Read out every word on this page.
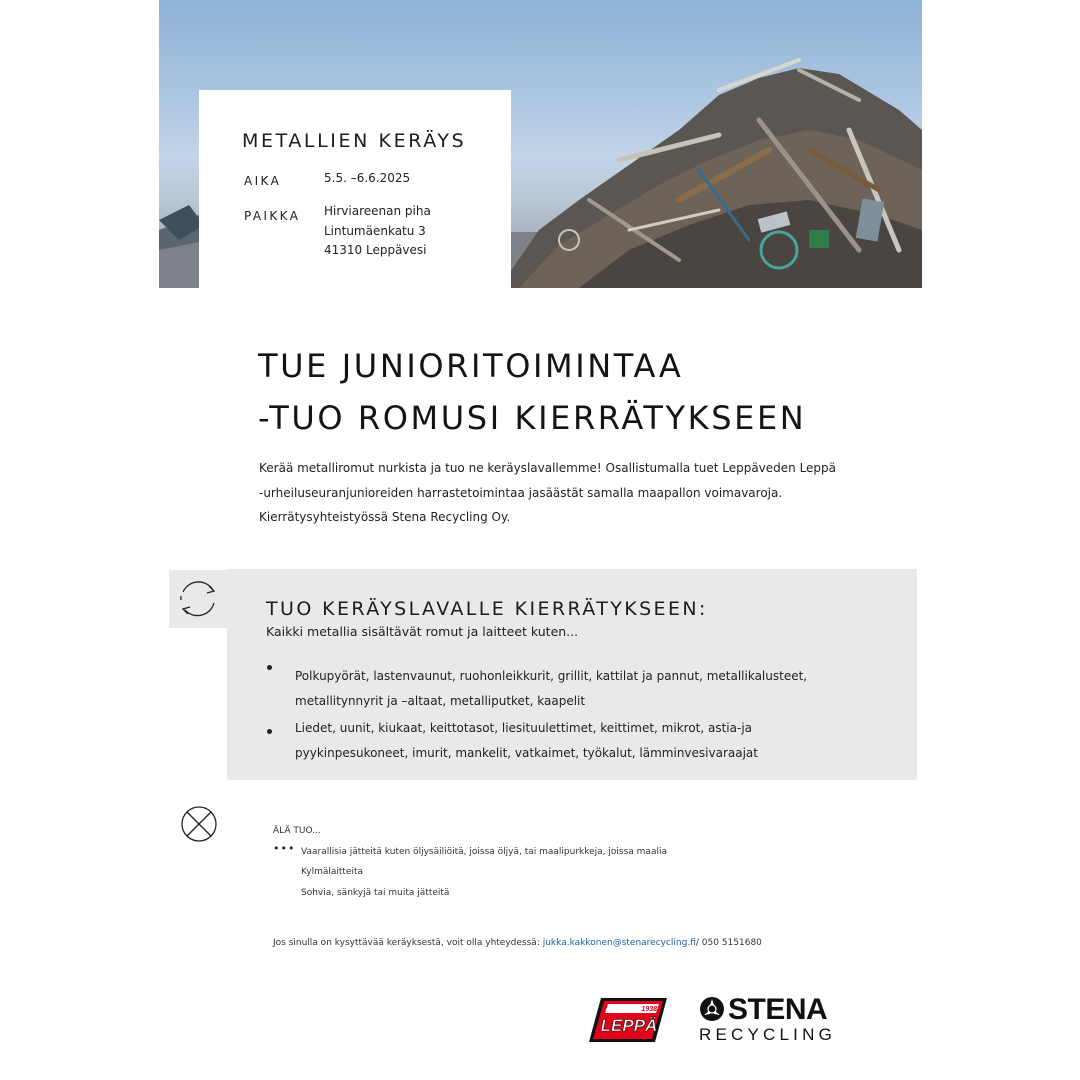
METALLIEN KERÄYS
AIKA	5.5. –6.6.2025
PAIKKA Hirviareenan piha
Lintumäenkatu 3
41310 Leppävesi
TUE JUNIORITOIMINTAA
-TUO ROMUSI KIERRÄTYKSEEN
Kerää metalliromut nurkista ja tuo ne keräyslavallemme! Osallistumalla tuet Leppäveden Leppä
-urheiluseuranjunioreiden harrastetoimintaa jasäästät samalla maapallon voimavaroja.
Kierrätysyhteistyössä Stena Recycling Oy.
TUO KERÄYSLAVALLE KIERRÄTYKSEEN:
Kaikki metallia sisältävät romut ja laitteet kuten...
Polkupyörät, lastenvaunut, ruohonleikkurit, grillit, kattilat ja pannut, metallikalusteet,
metallitynnyrit ja –altaat, metalliputket, kaapelit
Liedet, uunit, kiukaat, keittotasot, liesituulettimet, keittimet, mikrot, astia-ja
pyykinpesukoneet, imurit, mankelit, vatkaimet, työkalut, lämminvesivaraajat
ÄLÄ TUO...
••• Vaarallisia jätteitä kuten öljysäiliöitä, joissa öljyä, tai maalipurkkeja, joissa maalia
Kylmälaitteita
Sohvia, sänkyjä tai muita jätteitä
Jos sinulla on kysyttävää keräyksestä, voit olla yhteydessä: jukka.kakkonen@stenarecycling.fi/ 050 5151680
1938
LEPPÄ STENA
RECYCLING
